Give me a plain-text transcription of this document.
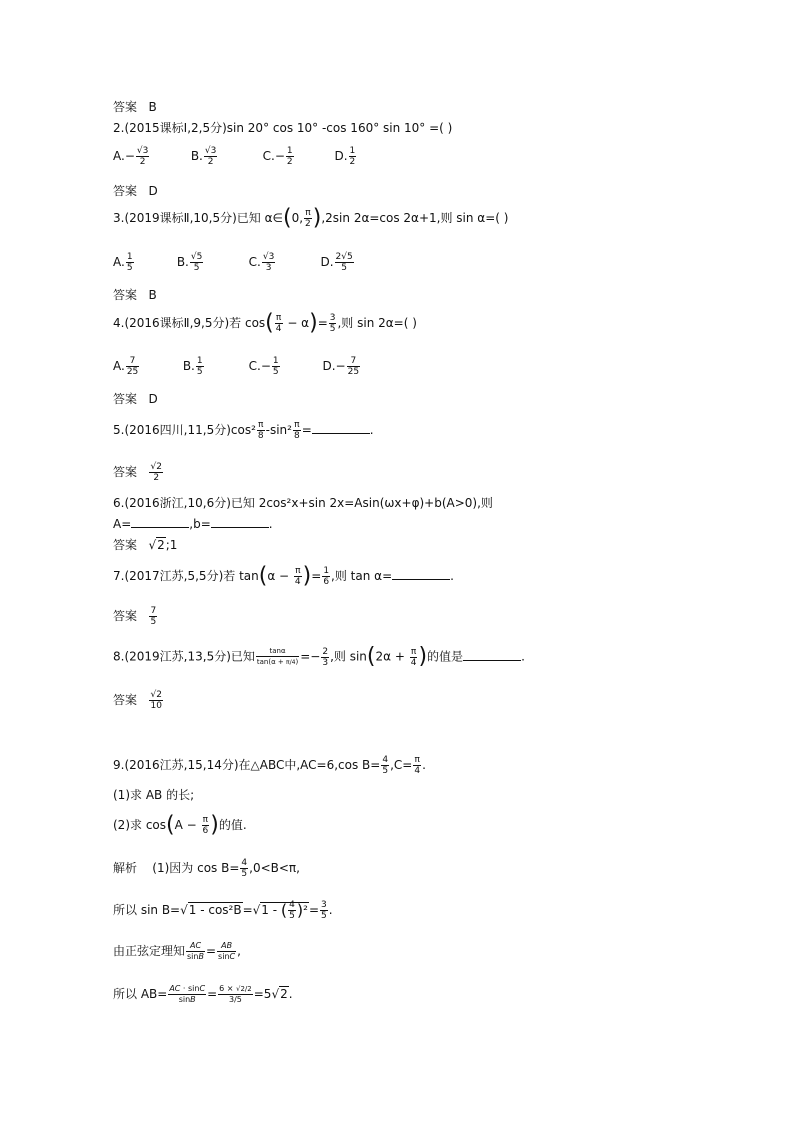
答案 B
2.(2015课标Ⅰ,2,5分)sin 20° cos 10° -cos 160° sin 10° =( )
$A.- \frac{√3}{2}$	B. $\frac{√3}{2}$	$C.- \frac{1}{2}$	D. $\frac{1}{2}$
答案 D
3.(2019课标Ⅱ,10,5分)已知 α∈(0, $\frac{\pi}{2} ),2\sin$ 2α=cos 2α+1,则 sin α=( )
A. $\frac{1}{5}$	B. $\frac{√5}{5}$	C. $\frac{√3}{3}$	D. $\frac{2√5}{5}$
答案 B
4.(2016课标Ⅱ,9,5分)若 $\cos( \frac{\pi}{4} - \alpha)= \frac{3}{5}$ ,则 sin 2α=( )
A. $\frac{7}{25}$	B. $\frac{1}{5}$	$C.- \frac{1}{5}$	$D.- \frac{7}{25}$
答案 D
5.(2016四川,11,5分)$\cos^2 \frac{\pi}{8} -\sin^2 \frac{\pi}{8}$ =	.
答案 $\frac{√2}{2}$
6.(2016浙江,10,6分)已知 2cos²x+sin 2x=Asin(ωx+φ)+b(A>0),则
A=	,b=	.
答案   √2;1
7.(2017江苏,5,5分)若 $\tan(\alpha - \frac{\pi}{4}$ )= $\frac{1}{6}$ ,则 tan α=	.
答案 $\frac{7}{5}$
8.(2019江苏,13,5分)已知 $\frac{\tan\alpha}{\tan(\alpha + \pi/4)} =- \frac{2}{3}$ ,则 $\sin(2\alpha + \frac{\pi}{4}$ )的值是	.
答案 $\frac{√2}{10}$
9.(2016江苏,15,14分)在△ABC中,AC=6,cos $B= \frac{4}{5} ,C= \frac{\pi}{4}$ .
(1)求 AB 的长;
(2)求 $\cos(A - \frac{\pi}{6}$ )的值.
解析 (1)因为 $\cos B= \frac{4}{5} ,0<B<\pi$,
所以 sin B=√1 - cos²B=√1 - ( $\frac{4}{5} )^2= \frac{3}{5}$ .
由正弦定理知 $\frac{AC}{\sin B} = \frac{AB}{\sin C}$ ,
所以 $AB= \frac{AC \cdot \sin C}{\sin B} = \frac{6 \times √2/2}{3/5} =5√2$.
